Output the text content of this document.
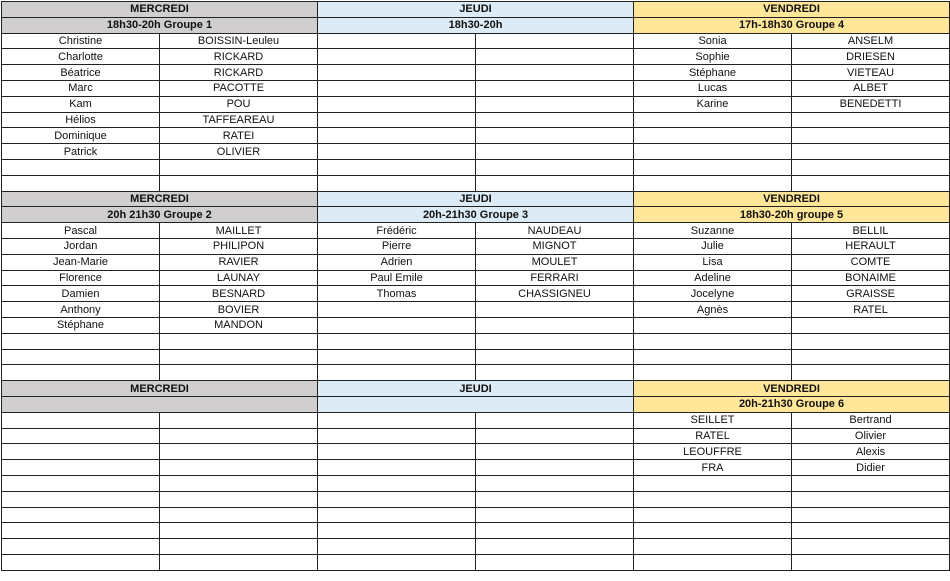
MERCREDI		JEUDI		VENDREDI	
18h30-20h Groupe 1		18h30-20h		17h-18h30 Groupe 4	
Christine	BOISSIN-Leuleu			Sonia	ANSELM
Charlotte	RICKARD			Sophie	DRIESEN
Béatrice	RICKARD			Stéphane	VIETEAU
Marc	PACOTTE			Lucas	ALBET
Kam	POU			Karine	BENEDETTI
Hélios	TAFFEAREAU				
Dominique	RATEI				
Patrick	OLIVIER				

MERCREDI		JEUDI		VENDREDI	
20h 21h30 Groupe 2		20h-21h30 Groupe 3		18h30-20h groupe 5	
Pascal	MAILLET	Frédéric	NAUDEAU	Suzanne	BELLIL
Jordan	PHILIPON	Pierre	MIGNOT	Julie	HERAULT
Jean-Marie	RAVIER	Adrien	MOULET	Lisa	COMTE
Florence	LAUNAY	Paul Emile	FERRARI	Adeline	BONAIME
Damien	BESNARD	Thomas	CHASSIGNEU	Jocelyne	GRAISSE
Anthony	BOVIER			Agnès	RATEL
Stéphane	MANDON				

MERCREDI		JEUDI		VENDREDI	
				20h-21h30 Groupe 6	
				SEILLET	Bertrand
				RATEL	Olivier
				LEOUFFRE	Alexis
				FRA	Didier
